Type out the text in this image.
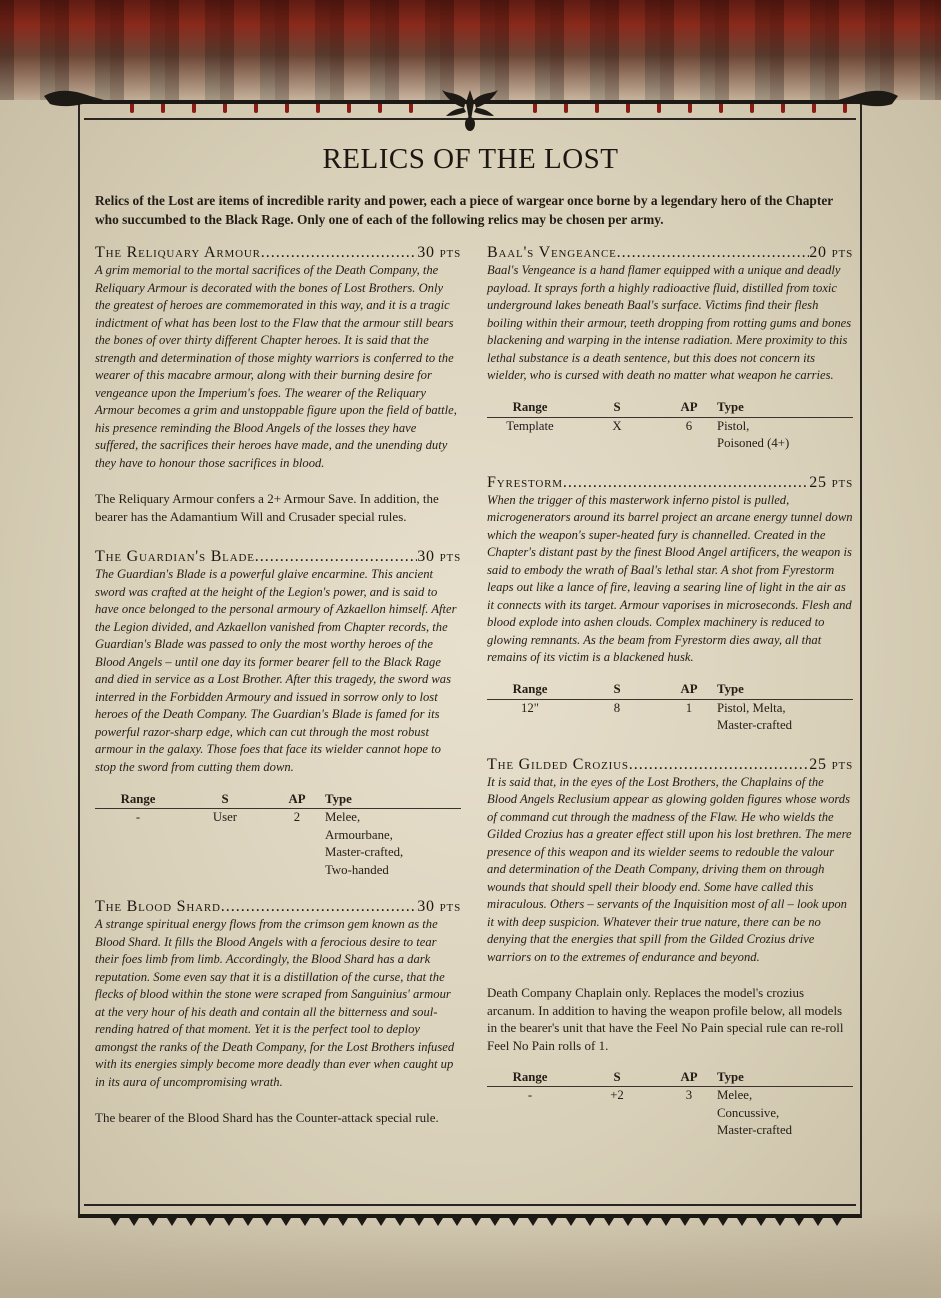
RELICS OF THE LOST
Relics of the Lost are items of incredible rarity and power, each a piece of wargear once borne by a legendary hero of the Chapter who succumbed to the Black Rage. Only one of each of the following relics may be chosen per army.
The Reliquary Armour .....	30 pts

A grim memorial to the mortal sacrifices of the Death Company, the Reliquary Armour is decorated with the bones of Lost Brothers. Only the greatest of heroes are commemorated in this way, and it is a tragic indictment of what has been lost to the Flaw that the armour still bears the bones of over thirty different Chapter heroes. It is said that the strength and determination of those mighty warriors is conferred to the wearer of this macabre armour, along with their burning desire for vengeance upon the Imperium's foes. The wearer of the Reliquary Armour becomes a grim and unstoppable figure upon the field of battle, his presence reminding the Blood Angels of the losses they have suffered, the sacrifices their heroes have made, and the unending duty they have to honour those sacrifices in blood.

The Reliquary Armour confers a 2+ Armour Save. In addition, the bearer has the Adamantium Will and Crusader special rules.

The Guardian's Blade .....	30 pts

The Guardian's Blade is a powerful glaive encarmine. This ancient sword was crafted at the height of the Legion's power, and is said to have once belonged to the personal armoury of Azkaellon himself. After the Legion divided, and Azkaellon vanished from Chapter records, the Guardian's Blade was passed to only the most worthy heroes of the Blood Angels – until one day its former bearer fell to the Black Rage and died in service as a Lost Brother. After this tragedy, the sword was interred in the Forbidden Armoury and issued in sorrow only to lost heroes of the Death Company. The Guardian's Blade is famed for its powerful razor-sharp edge, which can cut through the most robust armour in the galaxy. Those foes that face its wielder cannot hope to stop the sword from cutting them down.

Range	S	AP	Type
-	User	2	Melee,
Armourbane,
Master-crafted,
Two-handed
The Blood Shard .....	30 pts

A strange spiritual energy flows from the crimson gem known as the Blood Shard. It fills the Blood Angels with a ferocious desire to tear their foes limb from limb. Accordingly, the Blood Shard has a dark reputation. Some even say that it is a distillation of the curse, that the flecks of blood within the stone were scraped from Sanguinius' armour at the very hour of his death and contain all the bitterness and soul-rending hatred of that moment. Yet it is the perfect tool to deploy amongst the ranks of the Death Company, for the Lost Brothers infused with its energies simply become more deadly than ever when caught up in its aura of uncompromising wrath.

The bearer of the Blood Shard has the Counter-attack special rule.

Baal's Vengeance .....	20 pts

Baal's Vengeance is a hand flamer equipped with a unique and deadly payload. It sprays forth a highly radioactive fluid, distilled from toxic underground lakes beneath Baal's surface. Victims find their flesh boiling within their armour, teeth dropping from rotting gums and bones blackening and warping in the intense radiation. Mere proximity to this lethal substance is a death sentence, but this does not concern its wielder, who is cursed with death no matter what weapon he carries.

Range	S	AP	Type
Template	X	6	Pistol,
Poisoned (4+)
Fyrestorm .....	25 pts

When the trigger of this masterwork inferno pistol is pulled, microgenerators around its barrel project an arcane energy tunnel down which the weapon's super-heated fury is channelled. Created in the Chapter's distant past by the finest Blood Angel artificers, the weapon is said to embody the wrath of Baal's lethal star. A shot from Fyrestorm leaps out like a lance of fire, leaving a searing line of light in the air as it connects with its target. Armour vaporises in microseconds. Flesh and blood explode into ashen clouds. Complex machinery is reduced to glowing remnants. As the beam from Fyrestorm dies away, all that remains of its victim is a blackened husk.

Range	S	AP	Type
12"	8	1	Pistol, Melta,
Master-crafted
The Gilded Crozius .....	25 pts

It is said that, in the eyes of the Lost Brothers, the Chaplains of the Blood Angels Reclusium appear as glowing golden figures whose words of command cut through the madness of the Flaw. He who wields the Gilded Crozius has a greater effect still upon his lost brethren. The mere presence of this weapon and its wielder seems to redouble the valour and determination of the Death Company, driving them on through wounds that should spell their bloody end. Some have called this miraculous. Others – servants of the Inquisition most of all – look upon it with deep suspicion. Whatever their true nature, there can be no denying that the energies that spill from the Gilded Crozius drive warriors on to the extremes of endurance and beyond.

Death Company Chaplain only. Replaces the model's crozius arcanum. In addition to having the weapon profile below, all models in the bearer's unit that have the Feel No Pain special rule can re-roll Feel No Pain rolls of 1.

Range	S	AP	Type
-	+2	3	Melee,
Concussive,
Master-crafted
